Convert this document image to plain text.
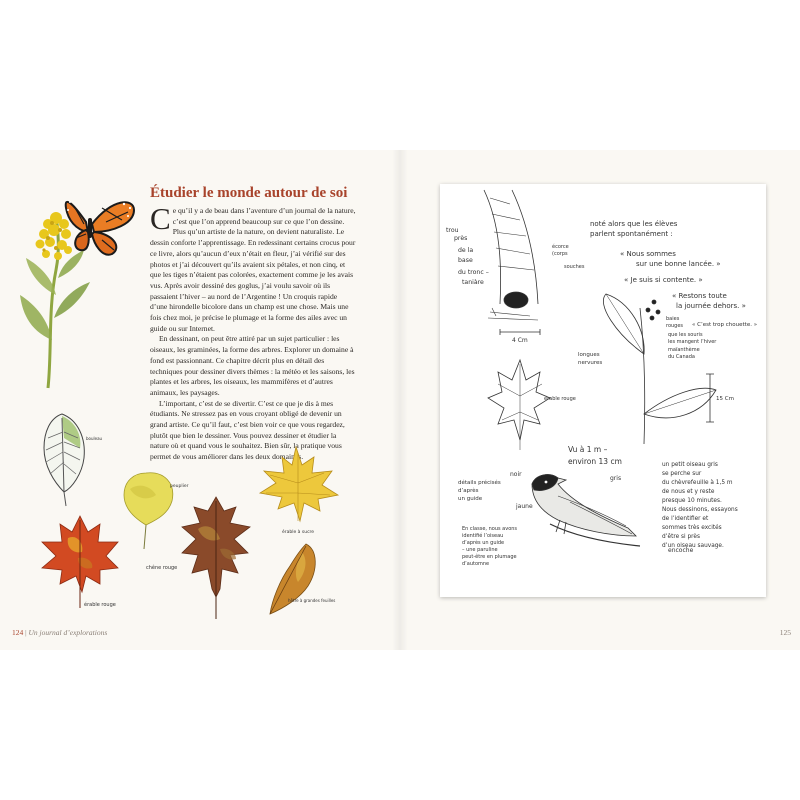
Étudier le monde autour de soi

Ce qu’il y a de beau dans l’aventure d’un journal de la nature, c’est que l’on apprend beaucoup sur ce que l’on dessine. Plus qu’un artiste de la nature, on devient naturaliste. Le dessin conforte l’apprentissage. En redessinant certains crocus pour ce livre, alors qu’aucun d’eux n’était en fleur, j’ai vérifié sur des photos et j’ai découvert qu’ils avaient six pétales, et non cinq, et que les tiges n’étaient pas colorées, exactement comme je les avais vus. Après avoir dessiné des goglus, j’ai voulu savoir où ils passaient l’hiver – au nord de l’Argentine ! Un croquis rapide d’une hirondelle bicolore dans un champ est une chose. Mais une fois chez moi, je précise le plumage et la forme des ailes avec un guide ou sur Internet.

En dessinant, on peut être attiré par un sujet particulier : les oiseaux, les graminées, la forme des arbres. Explorer un domaine à fond est passionnant. Ce chapitre décrit plus en détail des techniques pour dessiner divers thèmes : la météo et les saisons, les plantes et les arbres, les oiseaux, les mammifères et d’autres animaux, les paysages.

L’important, c’est de se divertir. C’est ce que je dis à mes étudiants. Ne stressez pas en vous croyant obligé de devenir un grand artiste. Ce qu’il faut, c’est bien voir ce que vous regardez, plutôt que bien le dessiner. Vous pouvez dessiner et étudier la nature où et quand vous le souhaitez. Bien sûr, la pratique vous permet de vous améliorer dans les deux domaines.

bouleau
peuplier
érable à sucre
chêne rouge
érable rouge
hêtre à grandes feuilles
124 | Un journal d’explorations
trou près de la base du tronc – taniàre
écorce (corps souches
4 Cm
noté alors que les élèves parlent spontanément : « Nous sommes sur une bonne lancée. » « Je suis si contente. » « Restons toute la journée dehors. »
« C’est trop chouette. »
baies rouges que les souris les mangent l’hiver maïanthème du Canada
15 Cm
longues nervures
érable rouge
Vu à 1 m – environ 13 cm
noir gris jaune encoche
détails précisés d’après un guide
En classe, nous avons identifié l’oiseau d’après un guide – une paruline peut-être en plumage d’automne
un petit oiseau gris se perche sur du chèvrefeuille à 1,5 m de nous et y reste presque 10 minutes. Nous dessinons, essayons de l’identifier et sommes très excités d’être si près d’un oiseau sauvage.
125
